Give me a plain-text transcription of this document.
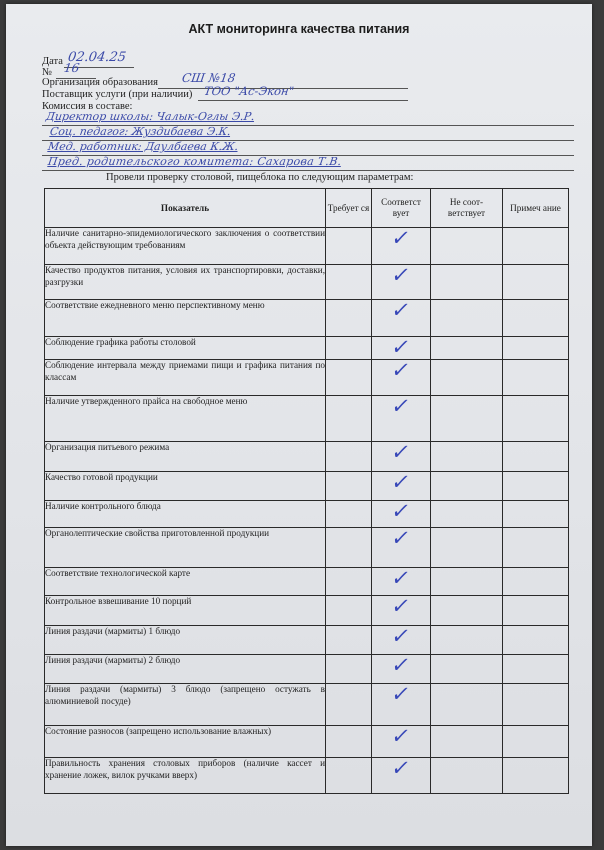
АКТ мониторинга качества питания
Дата 02.04.25
№ 16
Организация образования СШ №18
Поставщик услуги (при наличии) ТОО "Ас-Экон"
Комиссия в составе:
Директор школы: Чалык-Оглы Э.Р.
Соц. педагог: Жуздибаева Э.К.
Мед. работник: Даулбаева К.Ж.
Пред. родительского комитета: Сахарова Т.В.
Провели проверку столовой, пищеблока по следующим параметрам:
Показатель	Требует ся	Соответст вует	Не соот- ветствует	Примеч ание
Наличие санитарно-эпидемиологического заключения о соответствии объекта действующим требованиям		✓		
Качество продуктов питания, условия их транспортировки, доставки, разгрузки		✓		
Соответствие ежедневного меню перспективному меню		✓		
Соблюдение графика работы столовой		✓		
Соблюдение интервала между приемами пищи и графика питания по классам		✓		
Наличие утвержденного прайса на свободное меню		✓		
Организация питьевого режима		✓		
Качество готовой продукции		✓		
Наличие контрольного блюда		✓		
Органолептические свойства приготовленной продукции		✓		
Соответствие технологической карте		✓		
Контрольное взвешивание 10 порций		✓		
Линия раздачи (мармиты) 1 блюдо		✓		
Линия раздачи (мармиты) 2 блюдо		✓		
Линия раздачи (мармиты) 3 блюдо (запрещено остужать в алюминиевой посуде)		✓		
Состояние разносов (запрещено использование влажных)		✓		
Правильность хранения столовых приборов (наличие кассет и хранение ложек, вилок ручками вверх)		✓		
